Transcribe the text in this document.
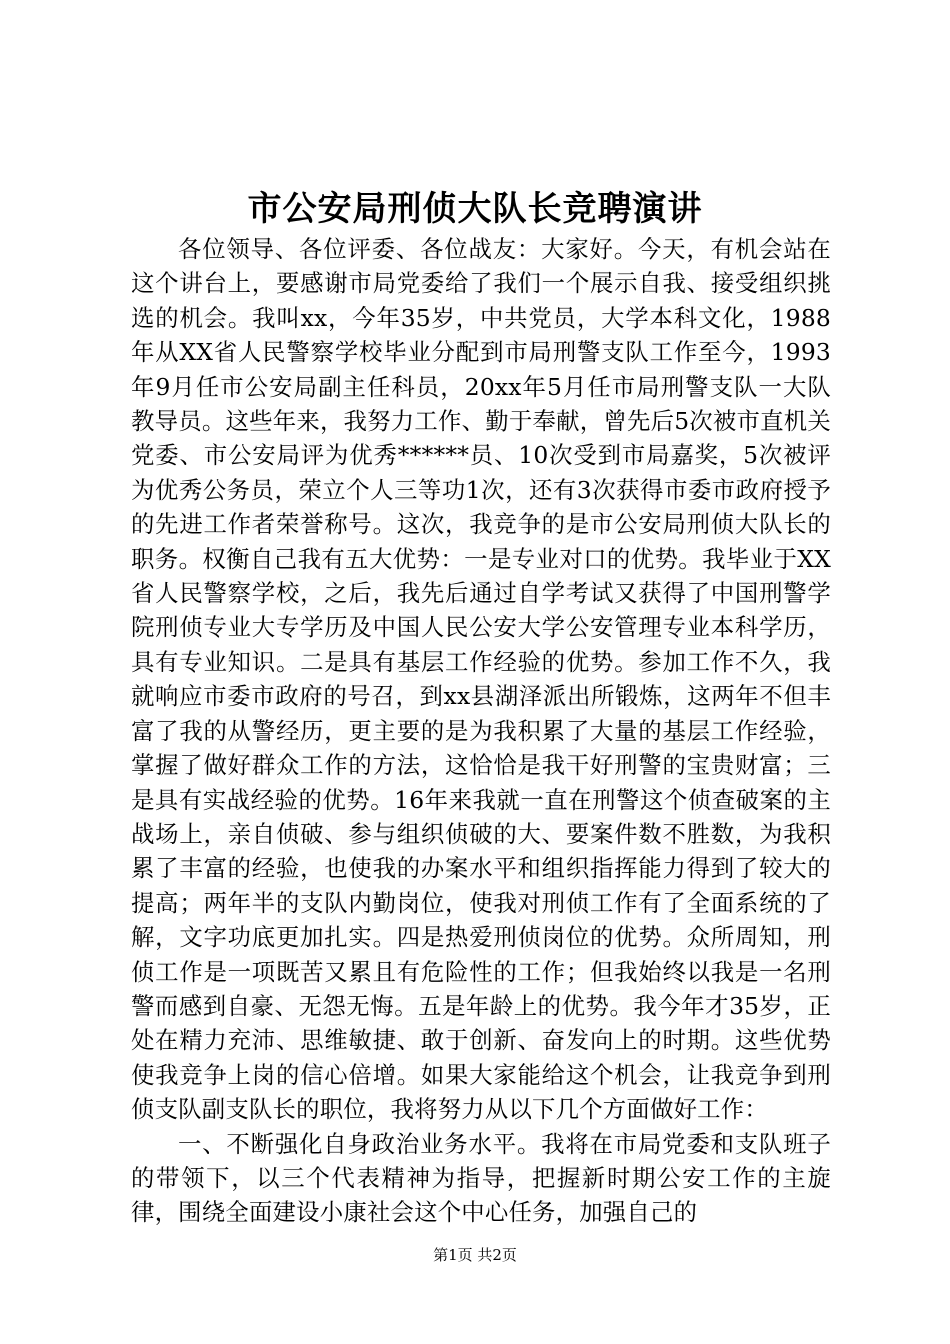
市公安局刑侦大队长竞聘演讲

各位领导、各位评委、各位战友：大家好。今天，有机会站在这个讲台上，要感谢市局党委给了我们一个展示自我、接受组织挑选的机会。我叫xx，今年35岁，中共党员，大学本科文化，1988年从XX省人民警察学校毕业分配到市局刑警支队工作至今，1993年9月任市公安局副主任科员，20xx年5月任市局刑警支队一大队教导员。这些年来，我努力工作、勤于奉献，曾先后5次被市直机关党委、市公安局评为优秀******员、10次受到市局嘉奖，5次被评为优秀公务员，荣立个人三等功1次，还有3次获得市委市政府授予的先进工作者荣誉称号。这次，我竞争的是市公安局刑侦大队长的职务。权衡自己我有五大优势：一是专业对口的优势。我毕业于XX省人民警察学校，之后，我先后通过自学考试又获得了中国刑警学院刑侦专业大专学历及中国人民公安大学公安管理专业本科学历，具有专业知识。二是具有基层工作经验的优势。参加工作不久，我就响应市委市政府的号召，到xx县湖泽派出所锻炼，这两年不但丰富了我的从警经历，更主要的是为我积累了大量的基层工作经验，掌握了做好群众工作的方法，这恰恰是我干好刑警的宝贵财富；三是具有实战经验的优势。16年来我就一直在刑警这个侦查破案的主战场上，亲自侦破、参与组织侦破的大、要案件数不胜数，为我积累了丰富的经验，也使我的办案水平和组织指挥能力得到了较大的提高；两年半的支队内勤岗位，使我对刑侦工作有了全面系统的了解，文字功底更加扎实。四是热爱刑侦岗位的优势。众所周知，刑侦工作是一项既苦又累且有危险性的工作；但我始终以我是一名刑警而感到自豪、无怨无悔。五是年龄上的优势。我今年才35岁，正处在精力充沛、思维敏捷、敢于创新、奋发向上的时期。这些优势使我竞争上岗的信心倍增。如果大家能给这个机会，让我竞争到刑侦支队副支队长的职位，我将努力从以下几个方面做好工作：

一、不断强化自身政治业务水平。我将在市局党委和支队班子的带领下，以三个代表精神为指导，把握新时期公安工作的主旋律，围绕全面建设小康社会这个中心任务，加强自己的

第1页 共2页
